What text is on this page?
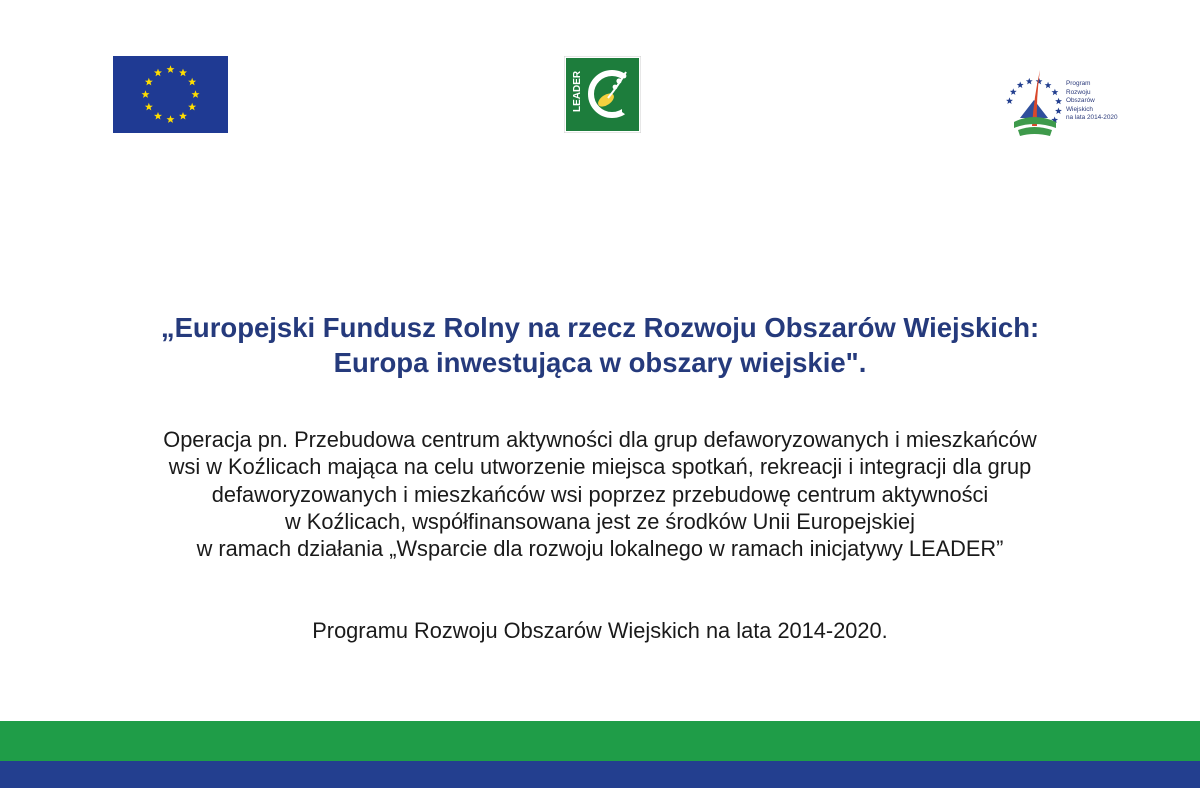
LEADER	Program
Rozwoju
Obszarów
Wiejskich
na lata 2014-2020
„Europejski Fundusz Rolny na rzecz Rozwoju Obszarów Wiejskich:
Europa inwestująca w obszary wiejskie".
Operacja pn. Przebudowa centrum aktywności dla grup defaworyzowanych i mieszkańców
wsi w Koźlicach mająca na celu utworzenie miejsca spotkań, rekreacji i integracji dla grup
defaworyzowanych i mieszkańców wsi poprzez przebudowę centrum aktywności
w Koźlicach, współfinansowana jest ze środków Unii Europejskiej
w ramach działania „Wsparcie dla rozwoju lokalnego w ramach inicjatywy LEADER”
Programu Rozwoju Obszarów Wiejskich na lata 2014-2020.
